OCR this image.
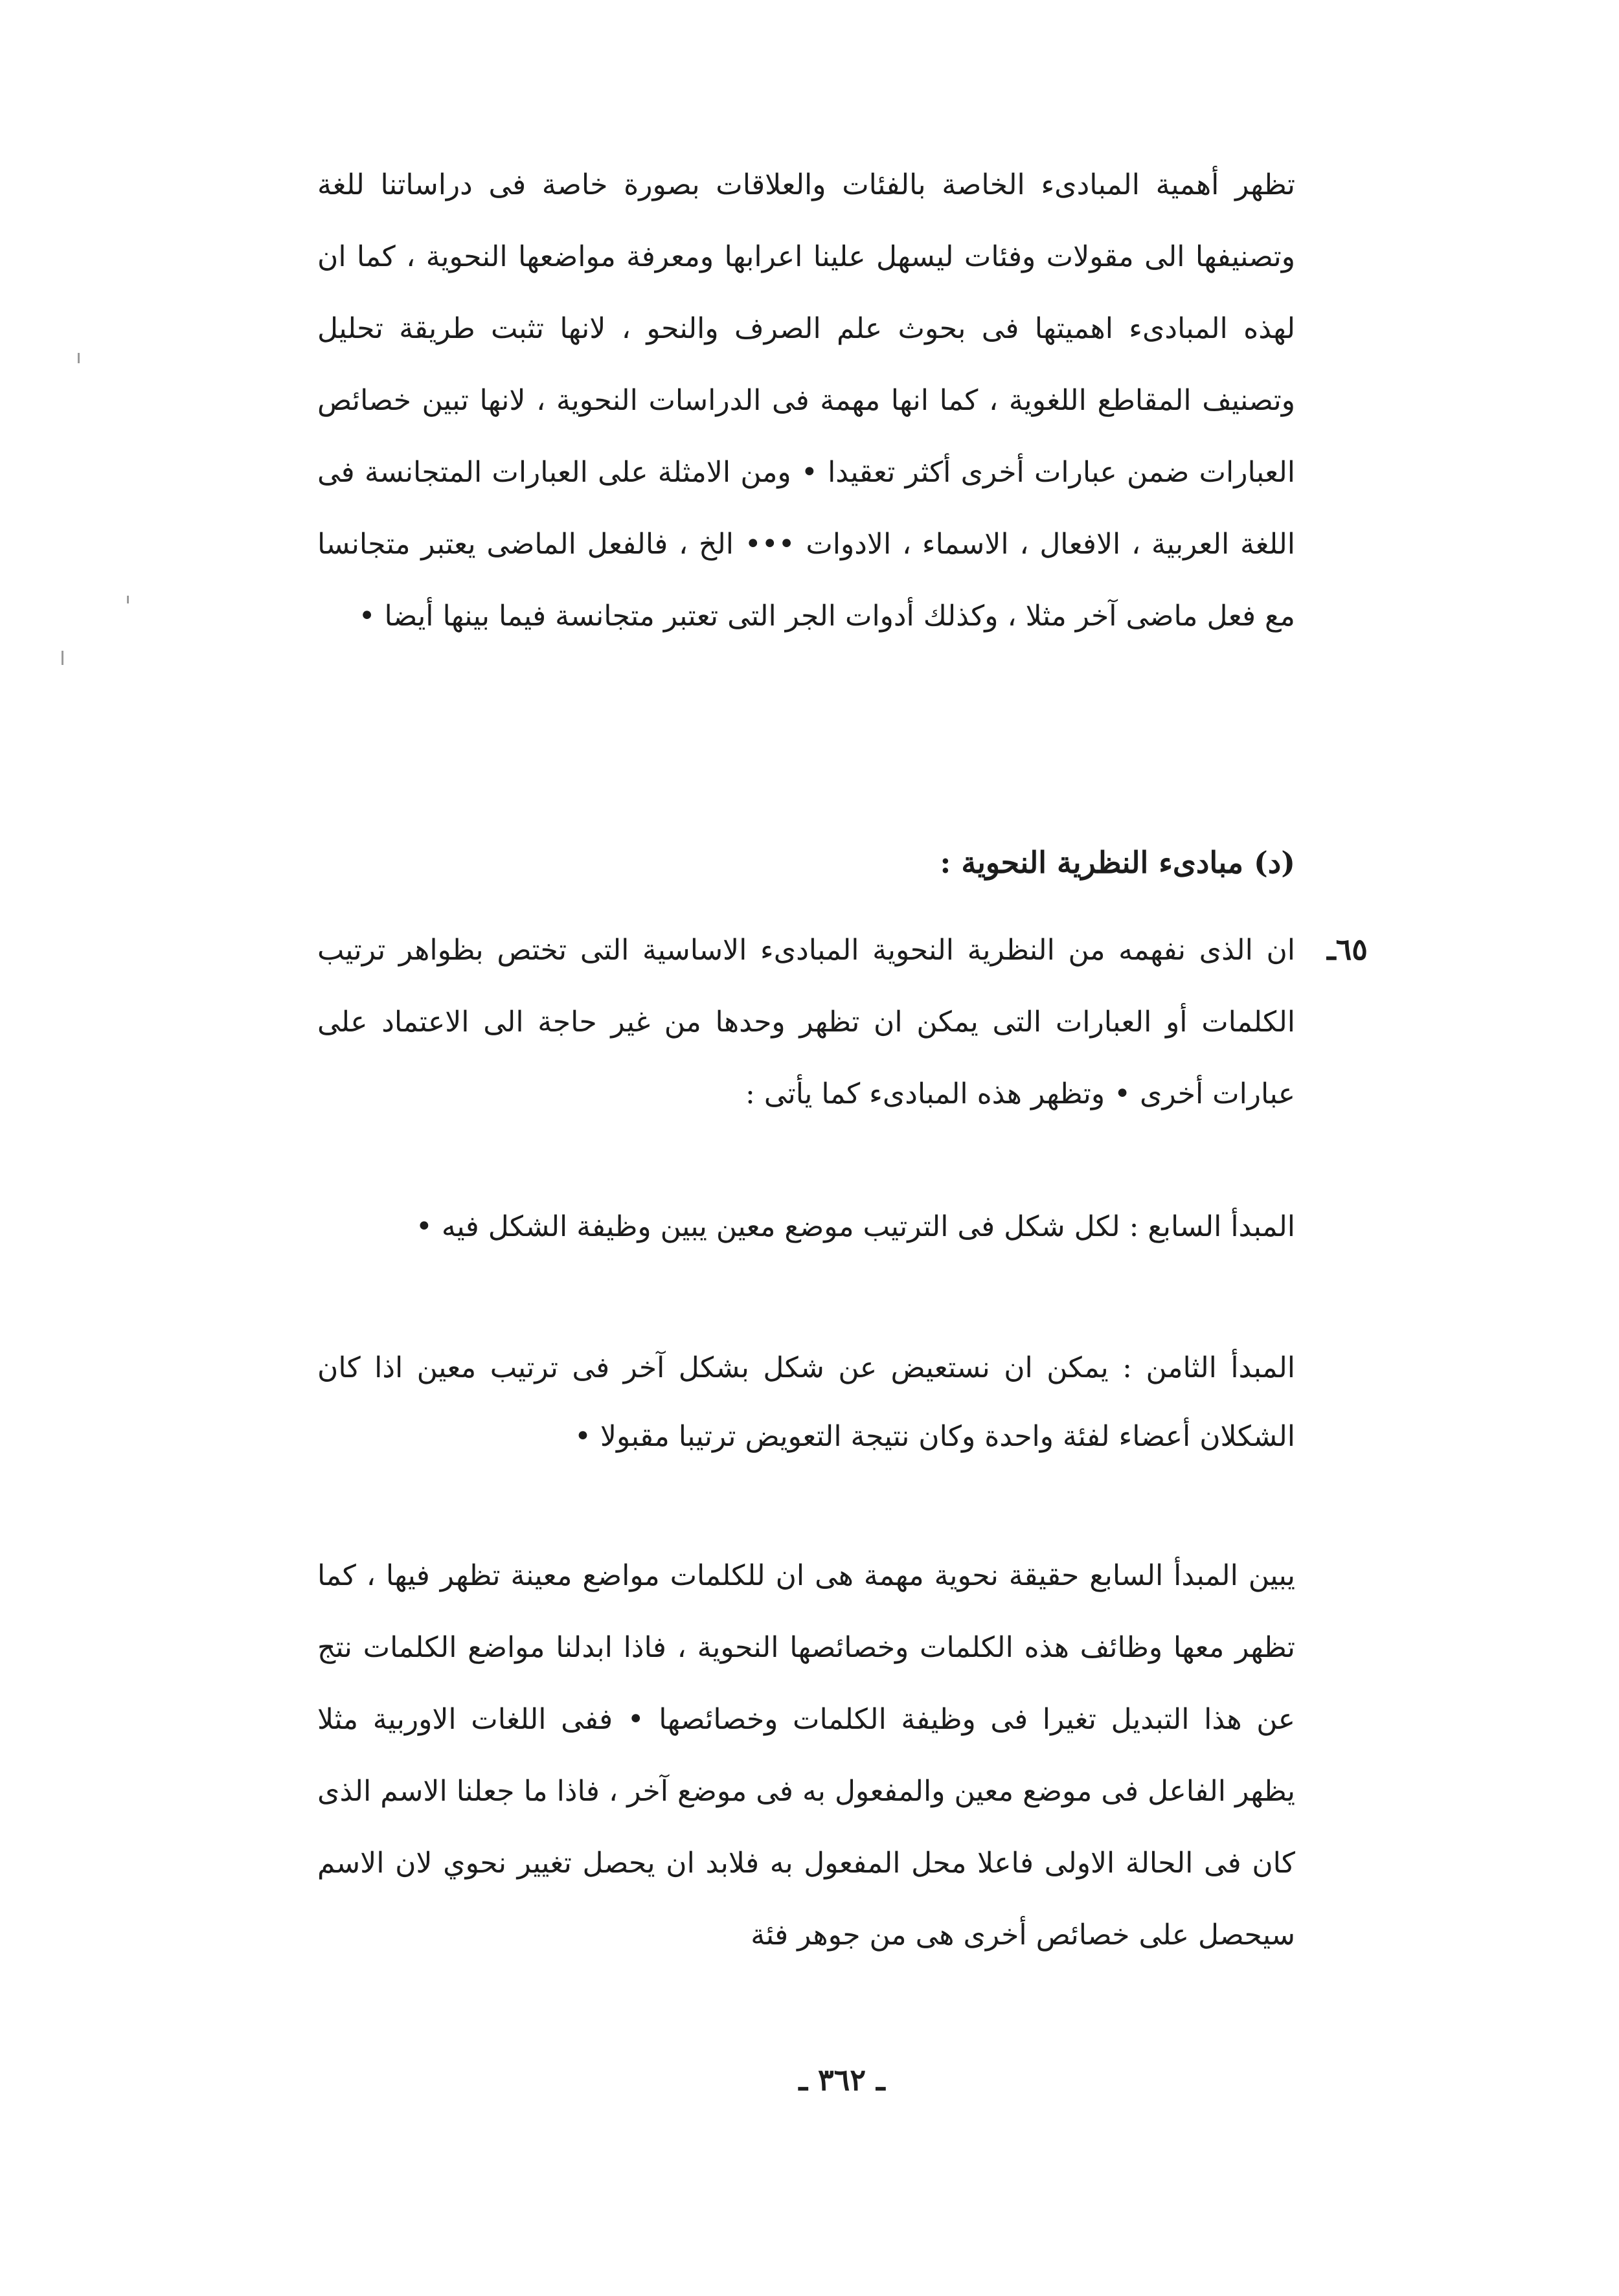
تظهر أهمية المبادىء الخاصة بالفئات والعلاقات بصورة خاصة فى دراساتنا للغة وتصنيفها الى مقولات وفئات ليسهل علينا اعرابها ومعرفة مواضعها النحوية ، كما ان لهذه المبادىء اهميتها فى بحوث علم الصرف والنحو ، لانها تثبت طريقة تحليل وتصنيف المقاطع اللغوية ، كما انها مهمة فى الدراسات النحوية ، لانها تبين خصائص العبارات ضمن عبارات أخرى أكثر تعقيدا • ومن الامثلة على العبارات المتجانسة فى اللغة العربية ، الافعال ، الاسماء ، الادوات ••• الخ ، فالفعل الماضى يعتبر متجانسا مع فعل ماضى آخر مثلا ، وكذلك أدوات الجر التى تعتبر متجانسة فيما بينها أيضا •

(د) مبادىء النظرية النحوية :
٦٥ـ

ان الذى نفهمه من النظرية النحوية المبادىء الاساسية التى تختص بظواهر ترتيب الكلمات أو العبارات التى يمكن ان تظهر وحدها من غير حاجة الى الاعتماد على عبارات أخرى • وتظهر هذه المبادىء كما يأتى :

المبدأ السابع : لكل شكل فى الترتيب موضع معين يبين وظيفة الشكل فيه •
المبدأ الثامن : يمكن ان نستعيض عن شكل بشكل آخر فى ترتيب معين اذا كان الشكلان أعضاء لفئة واحدة وكان نتيجة التعويض ترتيبا مقبولا •

يبين المبدأ السابع حقيقة نحوية مهمة هى ان للكلمات مواضع معينة تظهر فيها ، كما تظهر معها وظائف هذه الكلمات وخصائصها النحوية ، فاذا ابدلنا مواضع الكلمات نتج عن هذا التبديل تغيرا فى وظيفة الكلمات وخصائصها • ففى اللغات الاوربية مثلا يظهر الفاعل فى موضع معين والمفعول به فى موضع آخر ، فاذا ما جعلنا الاسم الذى كان فى الحالة الاولى فاعلا محل المفعول به فلابد ان يحصل تغيير نحوي لان الاسم سيحصل على خصائص أخرى هى من جوهر فئة

ـ ٣٦٢ ـ
